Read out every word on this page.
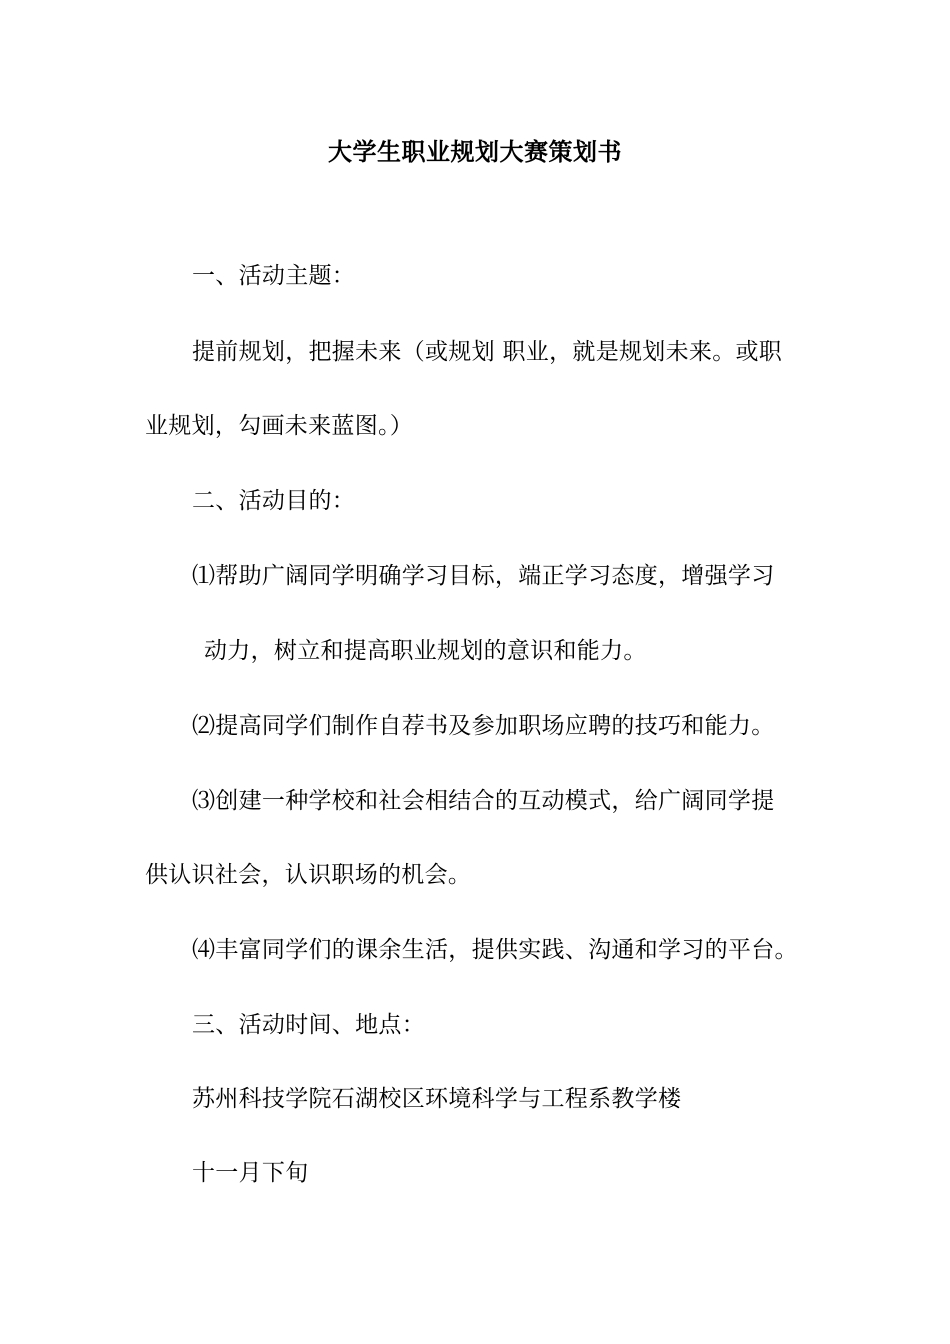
大学生职业规划大赛策划书
一、活动主题：
提前规划，把握未来（或规划 职业，就是规划未来。或职
业规划，勾画未来蓝图。）
二、活动目的：
⑴帮助广阔同学明确学习目标，端正学习态度，增强学习
动力，树立和提高职业规划的意识和能力。
⑵提高同学们制作自荐书及参加职场应聘的技巧和能力。
⑶创建一种学校和社会相结合的互动模式，给广阔同学提
供认识社会，认识职场的机会。
⑷丰富同学们的课余生活，提供实践、沟通和学习的平台。
三、活动时间、地点：
苏州科技学院石湖校区环境科学与工程系教学楼
十一月下旬
